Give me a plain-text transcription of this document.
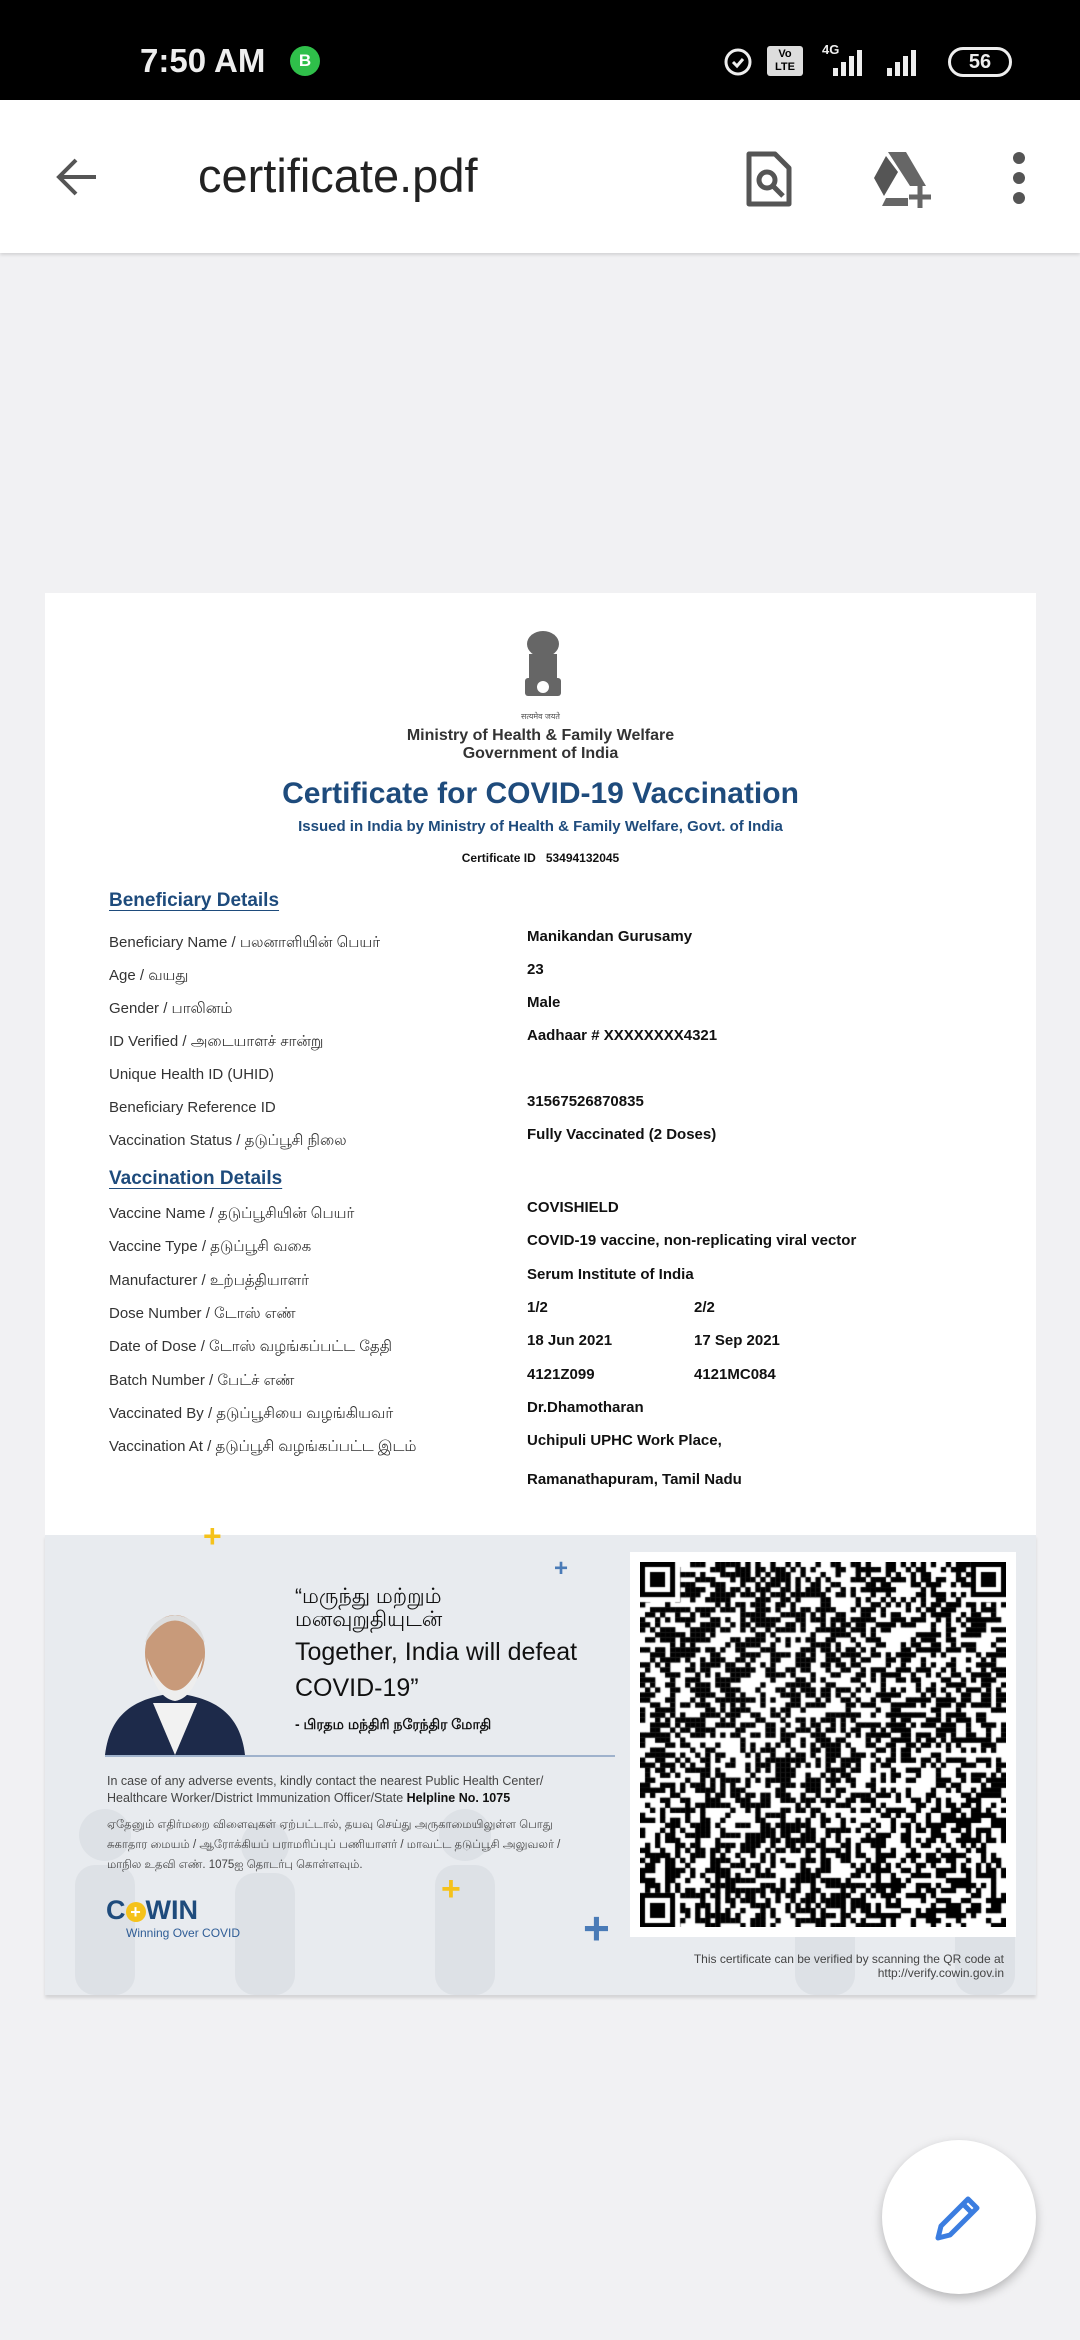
7:50 AM	B	Vo LTE
4G
56
certificate.pdf
सत्यमेव जयते
Ministry of Health & Family Welfare
Government of India
Certificate for COVID-19 Vaccination
Issued in India by Ministry of Health & Family Welfare, Govt. of India
Certificate ID 53494132045
Beneficiary Details
Beneficiary Name / பலனாளியின் பெயர்	Manikandan Gurusamy
Age / வயது	23
Gender / பாலினம்	Male
ID Verified / அடையாளச் சான்று	Aadhaar # XXXXXXXX4321
Unique Health ID (UHID)
Beneficiary Reference ID	31567526870835
Vaccination Status / தடுப்பூசி நிலை	Fully Vaccinated (2 Doses)
Vaccination Details
Vaccine Name / தடுப்பூசியின் பெயர்	COVISHIELD
Vaccine Type / தடுப்பூசி வகை	COVID-19 vaccine, non-replicating viral vector
Manufacturer / உற்பத்தியாளர்	Serum Institute of India
Dose Number / டோஸ் எண்	1/2	2/2
Date of Dose / டோஸ் வழங்கப்பட்ட தேதி	18 Jun 2021	17 Sep 2021
Batch Number / பேட்ச் எண்	4121Z099	4121MC084
Vaccinated By / தடுப்பூசியை வழங்கியவர்	Dr.Dhamotharan
Vaccination At / தடுப்பூசி வழங்கப்பட்ட இடம்	Uchipuli UPHC Work Place,
Ramanathapuram, Tamil Nadu
+
+
+
+
“மருந்து மற்றும்
மனவுறுதியுடன்
Together, India will defeat
COVID-19”
- பிரதம மந்திரி நரேந்திர மோதி
In case of any adverse events, kindly contact the nearest Public Health Center/
Healthcare Worker/District Immunization Officer/State Helpline No. 1075
ஏதேனும் எதிர்மறை விளைவுகள் ஏற்பட்டால், தயவு செய்து அருகாமையிலுள்ள பொது
சுகாதார மையம் / ஆரோக்கியப் பராமரிப்புப் பணியாளர் / மாவட்ட தடுப்பூசி அலுவலர் /
மாநில உதவி எண். 1075ஐ தொடர்பு கொள்ளவும்.
C + WIN
Winning Over COVID
This certificate can be verified by scanning the QR code at
http://verify.cowin.gov.in
